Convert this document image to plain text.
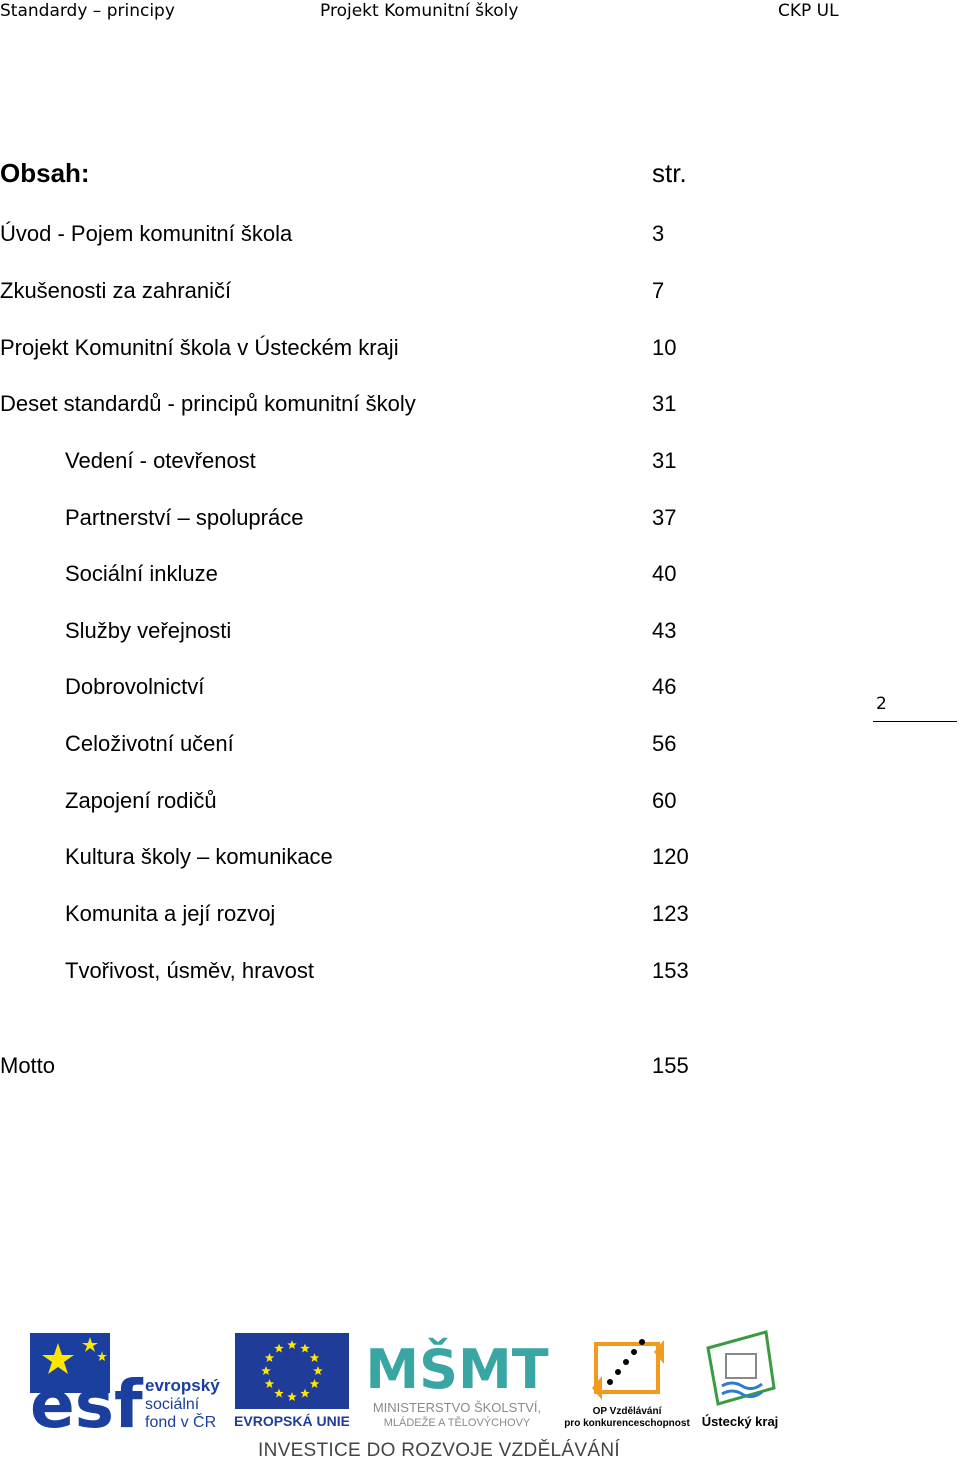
Standardy – principy	Projekt Komunitní školy	CKP UL
Obsah:	str.
Úvod - Pojem komunitní škola	3
Zkušenosti za zahraničí	7
Projekt Komunitní škola v Ústeckém kraji	10
Deset standardů - principů komunitní školy	31
Vedení - otevřenost	31
Partnerství – spolupráce	37
Sociální inkluze	40
Služby veřejnosti	43
Dobrovolnictví	46
Celoživotní učení	56
Zapojení rodičů	60
Kultura školy – komunikace	120
Komunita a její rozvoj	123
Tvořivost, úsměv, hravost	153
Motto	155
2
esf evropský
sociální
fond v ČR EVROPSKÁ UNIE
MŠMT
MINISTERSTVO ŠKOLSTVÍ,
MLÁDEŽE A TĚLOVÝCHOVY
OP Vzdělávání
pro konkurenceschopnost Ústecký kraj
INVESTICE DO ROZVOJE VZDĚLÁVÁNÍ
